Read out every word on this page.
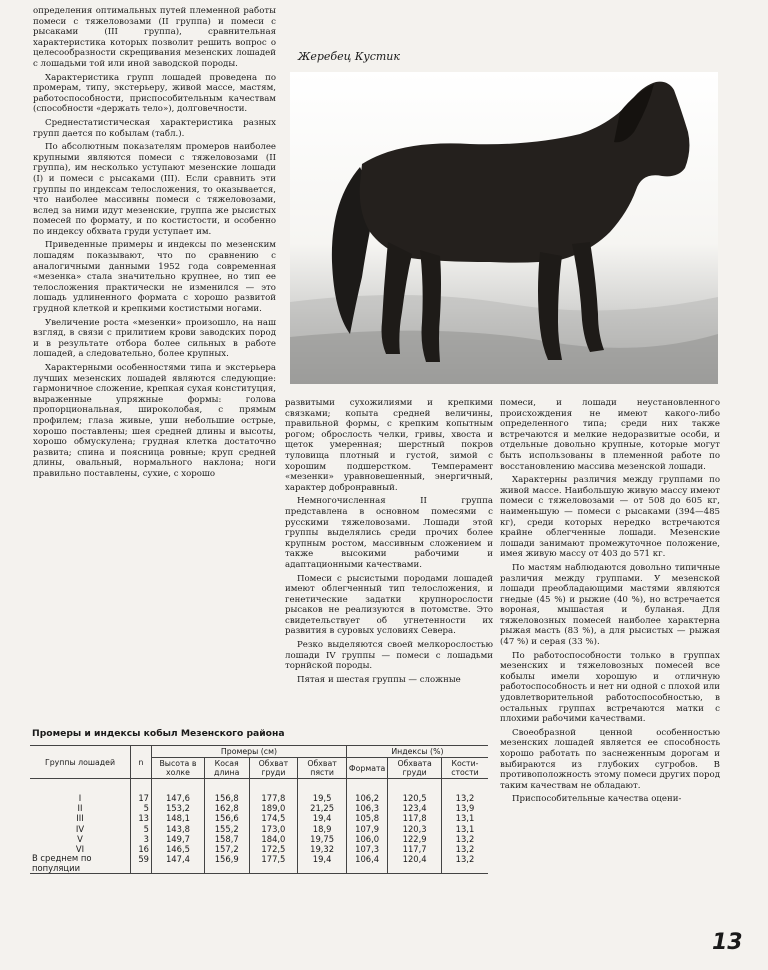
определения оптимальных путей племенной работы помеси с тяжеловозами (II группа) и помеси с рысаками (III группа), сравнительная характеристика которых позволит решить вопрос о целесообразности скрещивания мезенских лошадей с лошадьми той или иной заводской породы.

Характеристика групп лошадей проведена по промерам, типу, экстерьеру, живой массе, мастям, работоспособности, приспособительным качествам (способности «держать тело»), долговечности.

Среднестатистическая характеристика разных групп дается по кобылам (табл.).

По абсолютным показателям промеров наиболее крупными являются помеси с тяжеловозами (II группа), им несколько уступают мезенские лошади (I) и помеси с рысаками (III). Если сравнить эти группы по индексам телосложения, то оказывается, что наиболее массивны помеси с тяжеловозами, вслед за ними идут мезенские, группа же рысистых помесей по формату, и по костистости, и особенно по индексу обхвата груди уступает им.

Приведенные примеры и индексы по мезенским лошадям показывают, что по сравнению с аналогичными данными 1952 года современная «мезенка» стала значительно крупнее, но тип ее телосложения практически не изменился — это лошадь удлиненного формата с хорошо развитой грудной клеткой и крепкими костистыми ногами.

Увеличение роста «мезенки» произошло, на наш взгляд, в связи с прилитием крови заводских пород и в результате отбора более сильных в работе лошадей, а следовательно, более крупных.

Характерными особенностями типа и экстерьера лучших мезенских лошадей являются следующие: гармоничное сложение, крепкая сухая конституция, выраженные упряжные формы: голова пропорциональная, широколобая, с прямым профилем; глаза живые, уши небольшие острые, хорошо поставлены; шея средней длины и высоты, хорошо обмускулена; грудная клетка достаточно развита; спина и поясница ровные; круп средней длины, овальный, нормального наклона; ноги правильно поставлены, сухие, с хорошо

Жеребец Кустик

развитыми сухожилиями и крепкими связками; копыта средней величины, правильной формы, с крепким копытным рогом; оброслость челки, гривы, хвоста и щеток умеренная; шерстный покров туловища плотный и густой, зимой с хорошим подшерстком. Темперамент «мезенки» уравновешенный, энергичный, характер добронравный.

Немногочисленная II группа представлена в основном помесями с русскими тяжеловозами. Лошади этой группы выделялись среди прочих более крупным ростом, массивным сложением и также высокими рабочими и адаптационными качествами.

Помеси с рысистыми породами лошадей имеют облегченный тип телосложения, и генетические задатки крупнорослости рысаков не реализуются в потомстве. Это свидетельствует об угнетенности их развития в суровых условиях Севера.

Резко выделяются своей мелкорослостью лошади IV группы — помеси с лошадьми торнйской породы.

Пятая и шестая группы — сложные

помеси, и лошади неустановленного происхождения не имеют какого-либо определенного типа; среди них также встречаются и мелкие недоразвитые особи, и отдельные довольно крупные, которые могут быть использованы в племенной работе по восстановлению массива мезенской лошади.

Характерны различия между группами по живой массе. Наибольшую живую массу имеют помеси с тяжеловозами — от 508 до 605 кг, наименьшую — помеси с рысаками (394—485 кг), среди которых нередко встречаются крайне облегченные лошади. Мезенские лошади занимают промежуточное положение, имея живую массу от 403 до 571 кг.

По мастям наблюдаются довольно типичные различия между группами. У мезенской лошади преобладающими мастями являются гнедые (45 %) и рыжие (40 %), но встречается вороная, мышастая и буланая. Для тяжеловозных помесей наиболее характерна рыжая масть (83 %), а для рысистых — рыжая (47 %) и серая (33 %).

По работоспособности только в группах мезенских и тяжеловозных помесей все кобылы имели хорошую и отличную работоспособность и нет ни одной с плохой или удовлетворительной работоспособностью, в остальных группах встречаются матки с плохими рабочими качествами.

Своеобразной ценной особенностью мезенских лошадей является ее способность хорошо работать по заснеженным дорогам и выбираются из глубоких сугробов. В противоположность этому помеси других пород таким качествам не обладают.

Приспособительные качества оцени-

Промеры и индексы кобыл Мезенского района
Группы лошадей	n	Промеры (см)				Индексы (%)		
		Высота в холке	Косая длина	Обхват груди	Обхват пясти	Формата	Обхвата груди	Кости-стости

I	17	147,6	156,8	177,8	19,5	106,2	120,5	13,2
II	5	153,2	162,8	189,0	21,25	106,3	123,4	13,9
III	13	148,1	156,6	174,5	19,4	105,8	117,8	13,1
IV	5	143,8	155,2	173,0	18,9	107,9	120,3	13,1
V	3	149,7	158,7	184,0	19,75	106,0	122,9	13,2
VI	16	146,5	157,2	172,5	19,32	107,3	117,7	13,2
В среднем по популяции	59	147,4	156,9	177,5	19,4	106,4	120,4	13,2
13
